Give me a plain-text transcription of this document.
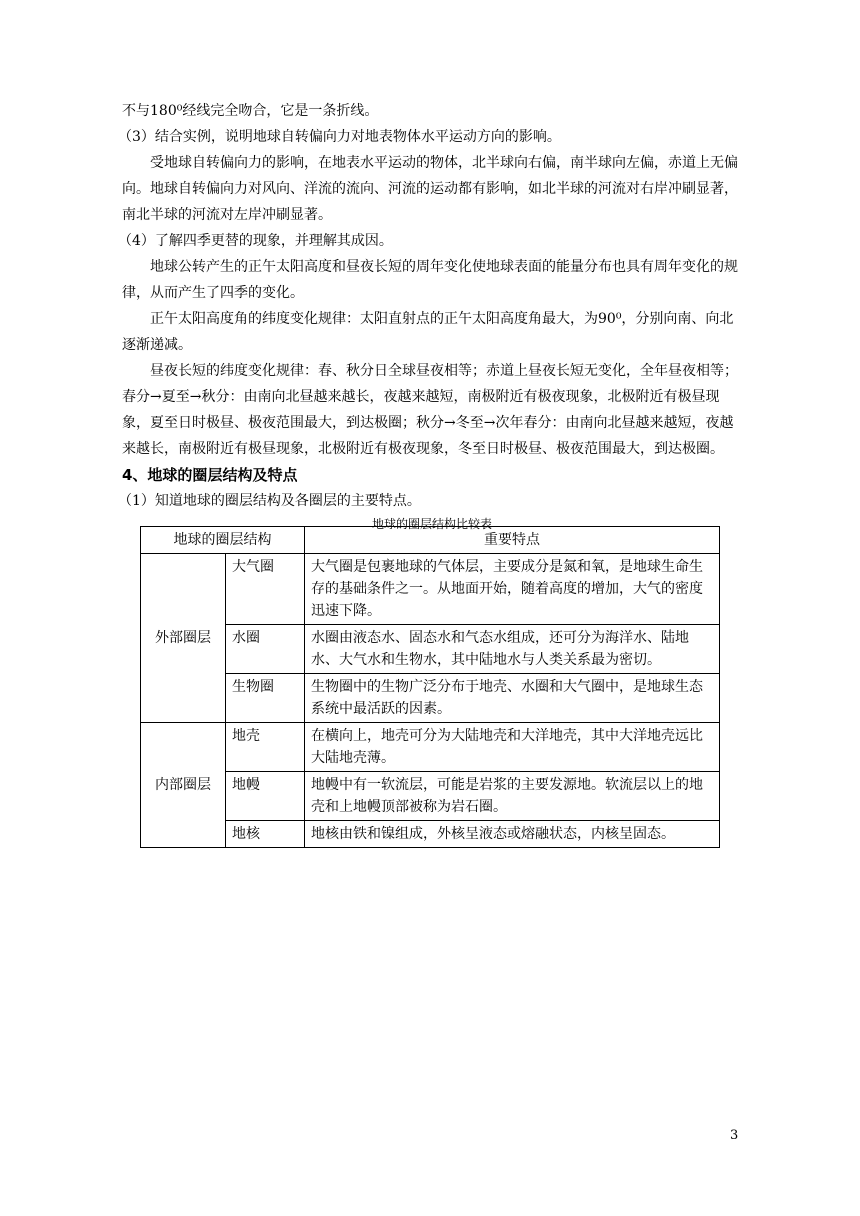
不与180⁰经线完全吻合，它是一条折线。

（3）结合实例，说明地球自转偏向力对地表物体水平运动方向的影响。

受地球自转偏向力的影响，在地表水平运动的物体，北半球向右偏，南半球向左偏，赤道上无偏向。地球自转偏向力对风向、洋流的流向、河流的运动都有影响，如北半球的河流对右岸冲刷显著，南北半球的河流对左岸冲刷显著。

（4）了解四季更替的现象，并理解其成因。

地球公转产生的正午太阳高度和昼夜长短的周年变化使地球表面的能量分布也具有周年变化的规律，从而产生了四季的变化。

正午太阳高度角的纬度变化规律：太阳直射点的正午太阳高度角最大，为90⁰，分别向南、向北逐渐递减。

昼夜长短的纬度变化规律：春、秋分日全球昼夜相等；赤道上昼夜长短无变化，全年昼夜相等；春分→夏至→秋分：由南向北昼越来越长，夜越来越短，南极附近有极夜现象，北极附近有极昼现象，夏至日时极昼、极夜范围最大，到达极圈；秋分→冬至→次年春分：由南向北昼越来越短，夜越来越长，南极附近有极昼现象，北极附近有极夜现象，冬至日时极昼、极夜范围最大，到达极圈。

4、地球的圈层结构及特点

（1）知道地球的圈层结构及各圈层的主要特点。

地球的圈层结构比较表
地球的圈层结构		重要特点
外部圈层	大气圈	大气圈是包裹地球的气体层，主要成分是氮和氧，是地球生命生存的基础条件之一。从地面开始，随着高度的增加，大气的密度迅速下降。
	水圈	水圈由液态水、固态水和气态水组成，还可分为海洋水、陆地水、大气水和生物水，其中陆地水与人类关系最为密切。
	生物圈	生物圈中的生物广泛分布于地壳、水圈和大气圈中，是地球生态系统中最活跃的因素。
内部圈层	地壳	在横向上，地壳可分为大陆地壳和大洋地壳，其中大洋地壳远比大陆地壳薄。
	地幔	地幔中有一软流层，可能是岩浆的主要发源地。软流层以上的地壳和上地幔顶部被称为岩石圈。
	地核	地核由铁和镍组成，外核呈液态或熔融状态，内核呈固态。
3
